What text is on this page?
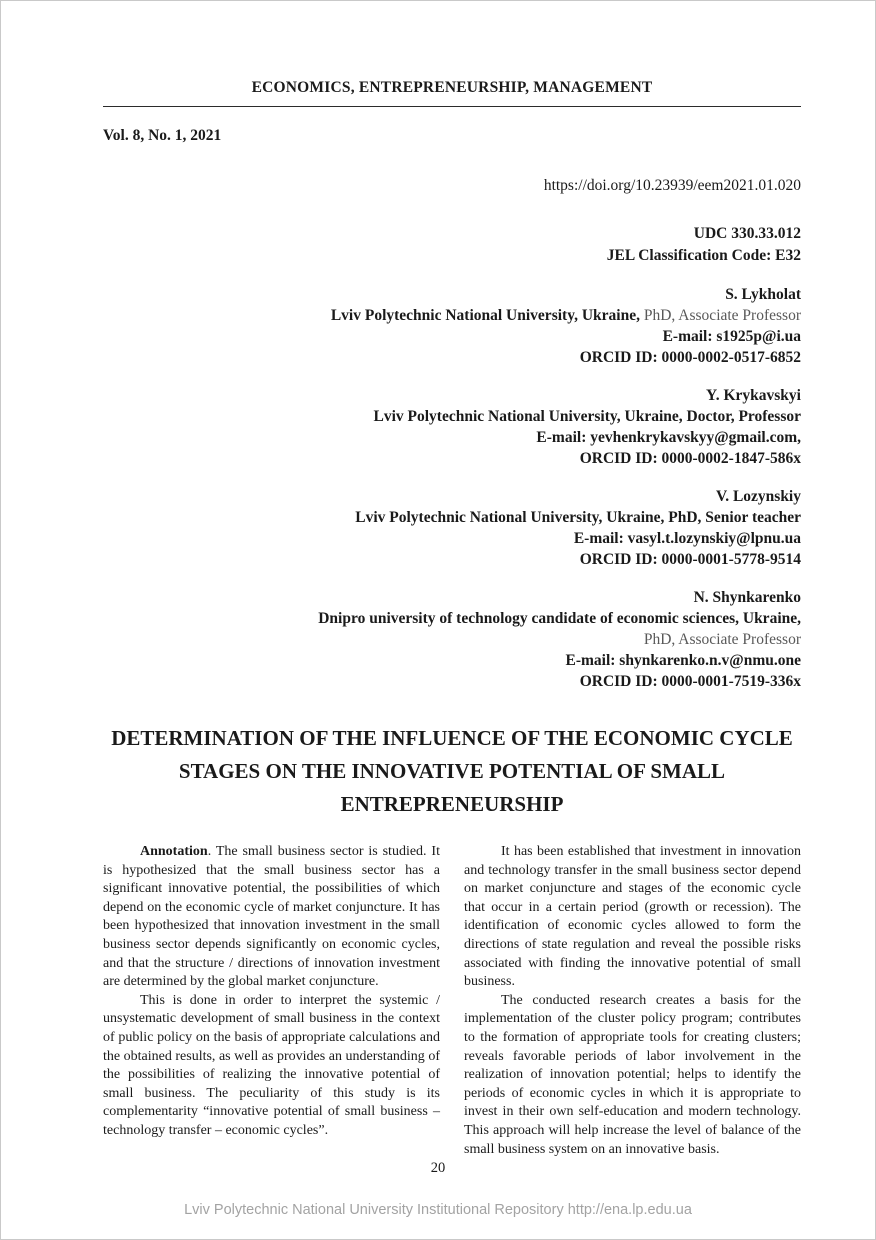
ECONOMICS, ENTREPRENEURSHIP, MANAGEMENT
Vol. 8, No. 1, 2021
https://doi.org/10.23939/eem2021.01.020
UDC 330.33.012
JEL Classification Code: E32
S. Lykholat
Lviv Polytechnic National University, Ukraine, PhD, Associate Professor
E-mail: s1925p@i.ua
ORCID ID: 0000-0002-0517-6852
Y. Krykavskyi
Lviv Polytechnic National University, Ukraine, Doctor, Professor
E-mail: yevhenkrykavskyy@gmail.com,
ORCID ID: 0000-0002-1847-586x
V. Lozynskiy
Lviv Polytechnic National University, Ukraine, PhD, Senior teacher
E-mail: vasyl.t.lozynskiy@lpnu.ua
ORCID ID: 0000-0001-5778-9514
N. Shynkarenko
Dnipro university of technology candidate of economic sciences, Ukraine,
PhD, Associate Professor
E-mail: shynkarenko.n.v@nmu.one
ORCID ID: 0000-0001-7519-336x
DETERMINATION OF THE INFLUENCE OF THE ECONOMIC CYCLE
STAGES ON THE INNOVATIVE POTENTIAL OF SMALL
ENTREPRENEURSHIP

Annotation. The small business sector is studied. It is hypothesized that the small business sector has a significant innovative potential, the possibilities of which depend on the economic cycle of market conjuncture. It has been hypothesized that innovation investment in the small business sector depends significantly on economic cycles, and that the structure / directions of innovation investment are determined by the global market conjuncture.

This is done in order to interpret the systemic / unsystematic development of small business in the context of public policy on the basis of appropriate calculations and the obtained results, as well as provides an understanding of the possibilities of realizing the innovative potential of small business. The peculiarity of this study is its complementarity “innovative potential of small business – technology transfer – economic cycles”.

It has been established that investment in innovation and technology transfer in the small business sector depend on market conjuncture and stages of the economic cycle that occur in a certain period (growth or recession). The identification of economic cycles allowed to form the directions of state regulation and reveal the possible risks associated with finding the innovative potential of small business.

The conducted research creates a basis for the implementation of the cluster policy program; contributes to the formation of appropriate tools for creating clusters; reveals favorable periods of labor involvement in the realization of innovation potential; helps to identify the periods of economic cycles in which it is appropriate to invest in their own self-education and modern technology. This approach will help increase the level of balance of the small business system on an innovative basis.

20
Lviv Polytechnic National University Institutional Repository http://ena.lp.edu.ua
